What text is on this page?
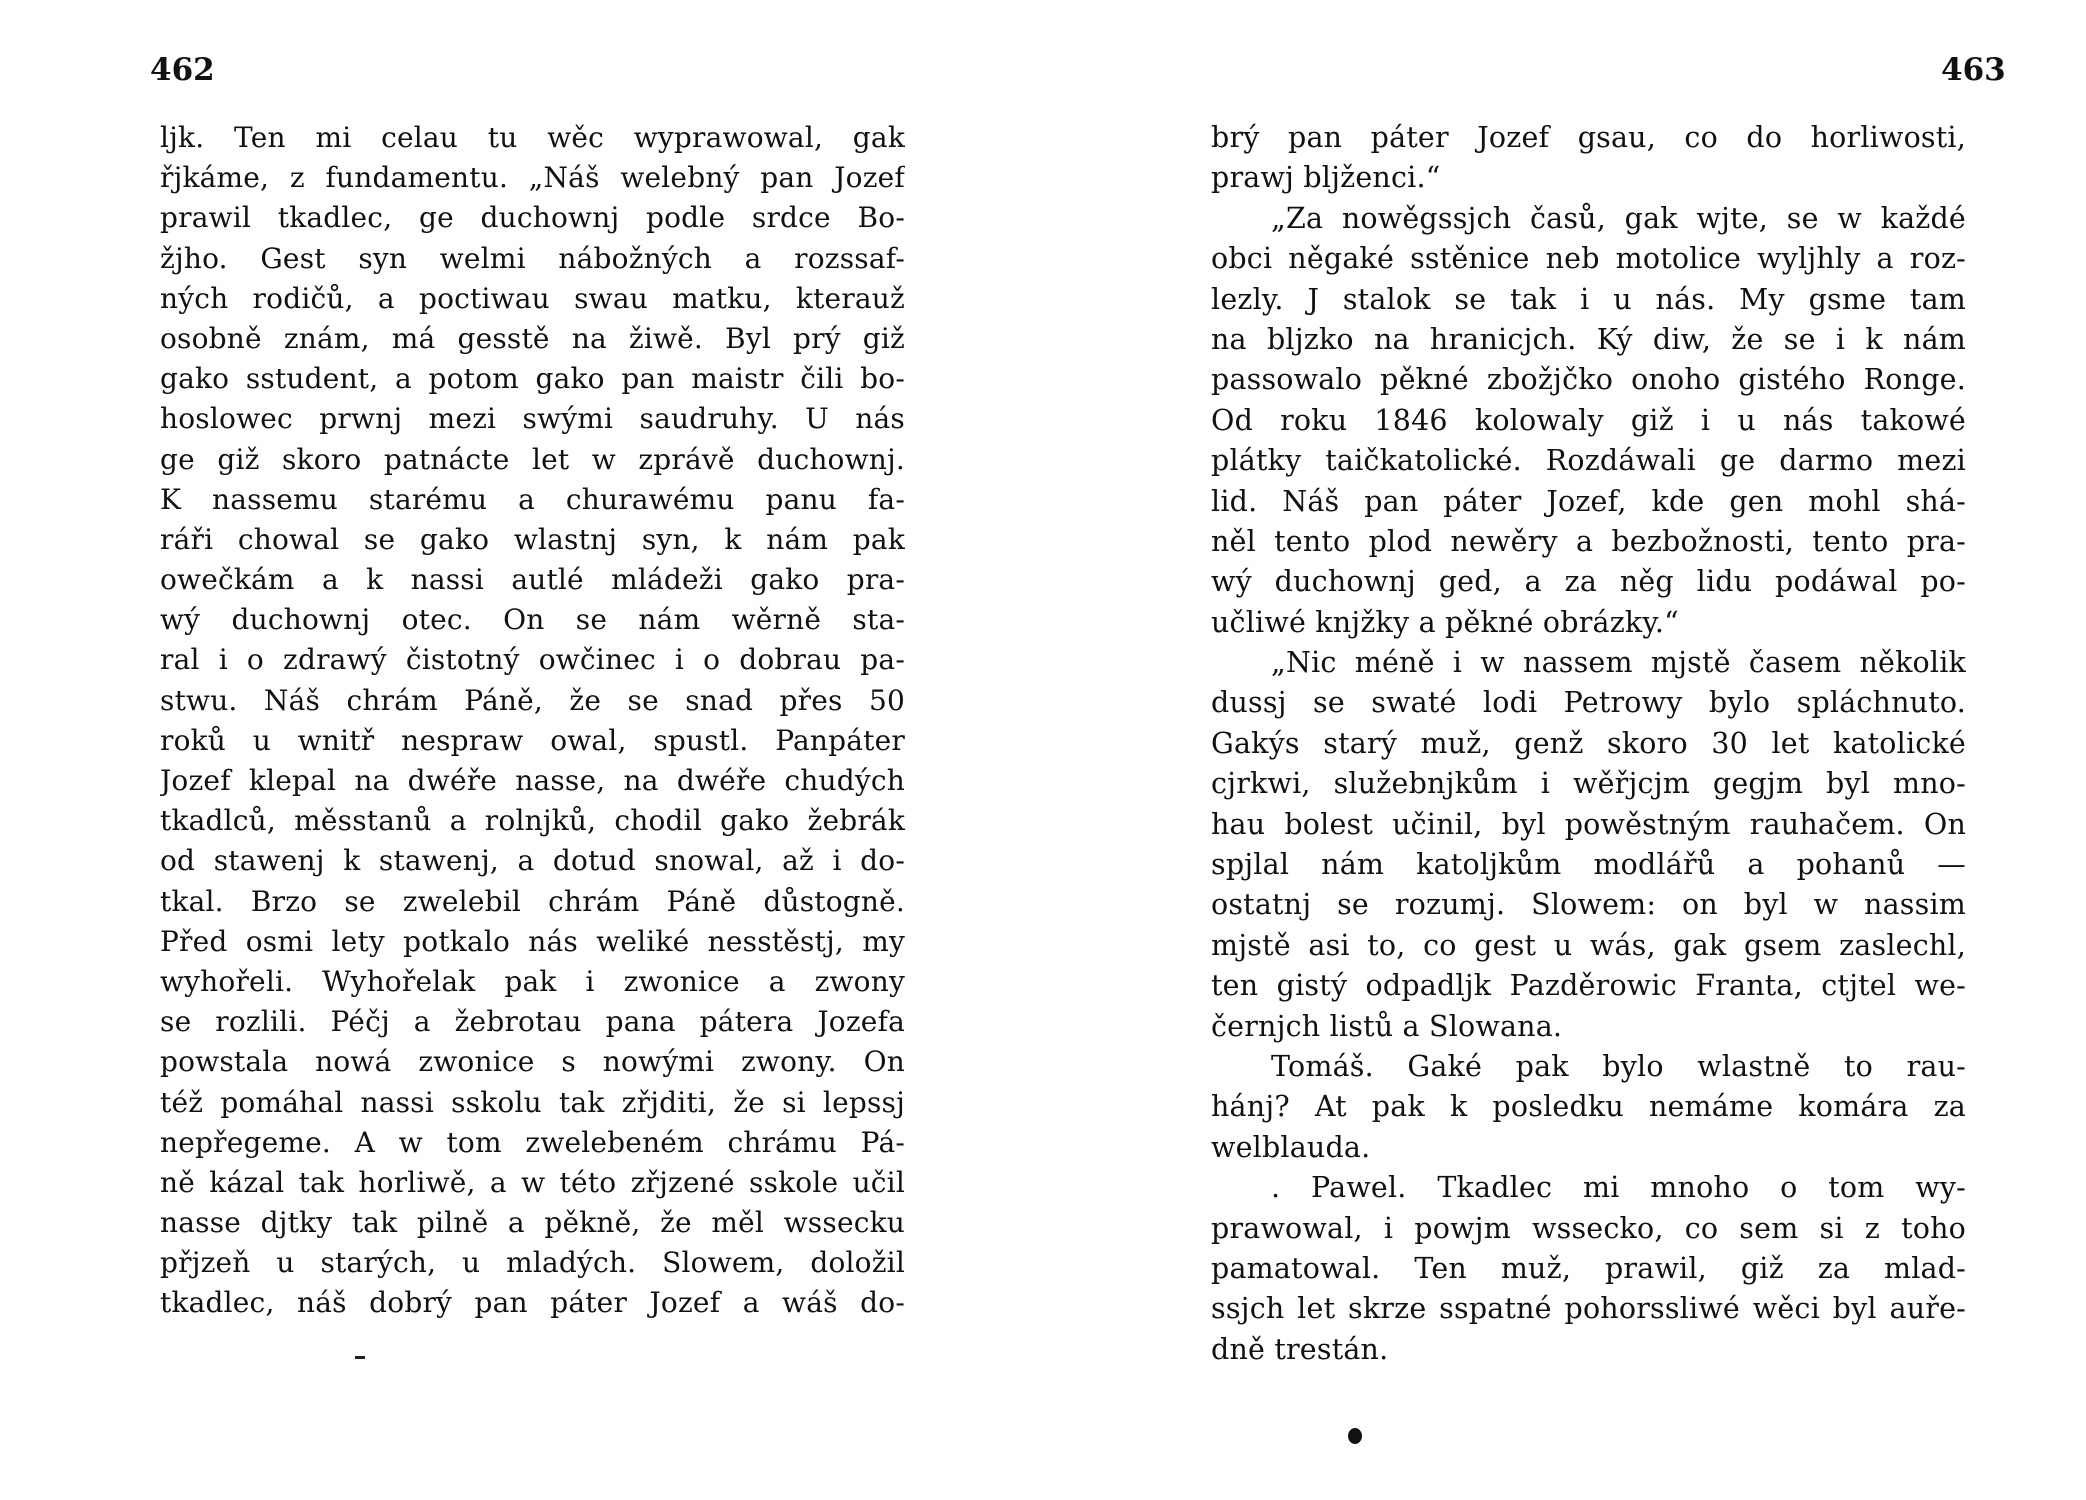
462
ljk. Ten mi celau tu wěc wyprawowal, gak
řjkáme, z fundamentu. „Náš welebný pan Jozef
prawil tkadlec, ge duchownj podle srdce Bo-
žjho. Gest syn welmi nábožných a rozssaf-
ných rodičů, a poctiwau swau matku, kterauž
osobně znám, má gesstě na žiwě. Byl prý giž
gako sstudent, a potom gako pan maistr čili bo-
hoslowec prwnj mezi swými saudruhy. U nás
ge giž skoro patnácte let w zprávě duchownj.
K nassemu starému a churawému panu fa-
ráři chowal se gako wlastnj syn, k nám pak
owečkám a k nassi autlé mládeži gako pra-
wý duchownj otec. On se nám wěrně sta-
ral i o zdrawý čistotný owčinec i o dobrau pa-
stwu. Náš chrám Páně, že se snad přes 50
roků u wnitř nespraw owal, spustl. Panpáter
Jozef klepal na dwéře nasse, na dwéře chudých
tkadlců, měsstanů a rolnjků, chodil gako žebrák
od stawenj k stawenj, a dotud snowal, až i do-
tkal. Brzo se zwelebil chrám Páně důstogně.
Před osmi lety potkalo nás weliké nesstěstj, my
wyhořeli. Wyhořelak pak i zwonice a zwony
se rozlili. Péčj a žebrotau pana pátera Jozefa
powstala nowá zwonice s nowými zwony. On
též pomáhal nassi sskolu tak zřjditi, že si lepssj
nepřegeme. A w tom zwelebeném chrámu Pá-
ně kázal tak horliwě, a w této zřjzené sskole učil
nasse djtky tak pilně a pěkně, že měl wssecku
přjzeň u starých, u mladých. Slowem, doložil
tkadlec, náš dobrý pan páter Jozef a wáš do-
463
brý pan páter Jozef gsau, co do horliwosti,
prawj bljženci.“
„Za nowěgssjch časů, gak wjte, se w každé
obci něgaké sstěnice neb motolice wyljhly a roz-
lezly. J stalok se tak i u nás. My gsme tam
na bljzko na hranicjch. Ký diw, že se i k nám
passowalo pěkné zbožjčko onoho gistého Ronge.
Od roku 1846 kolowaly giž i u nás takowé
plátky taičkatolické. Rozdáwali ge darmo mezi
lid. Náš pan páter Jozef, kde gen mohl shá-
něl tento plod newěry a bezbožnosti, tento pra-
wý duchownj ged, a za něg lidu podáwal po-
učliwé knjžky a pěkné obrázky.“
„Nic méně i w nassem mjstě časem několik
dussj se swaté lodi Petrowy bylo spláchnuto.
Gakýs starý muž, genž skoro 30 let katolické
cjrkwi, služebnjkům i wěřjcjm gegjm byl mno-
hau bolest učinil, byl powěstným rauhačem. On
spjlal nám katoljkům modlářů a pohanů —
ostatnj se rozumj. Slowem: on byl w nassim
mjstě asi to, co gest u wás, gak gsem zaslechl,
ten gistý odpadljk Pazděrowic Franta, ctjtel we-
černjch listů a Slowana.
Tomáš. Gaké pak bylo wlastně to rau-
hánj? At pak k posledku nemáme komára za
welblauda.
. Pawel. Tkadlec mi mnoho o tom wy-
prawowal, i powjm wssecko, co sem si z toho
pamatowal. Ten muž, prawil, giž za mlad-
ssjch let skrze sspatné pohorssliwé wěci byl auře-
dně trestán.
